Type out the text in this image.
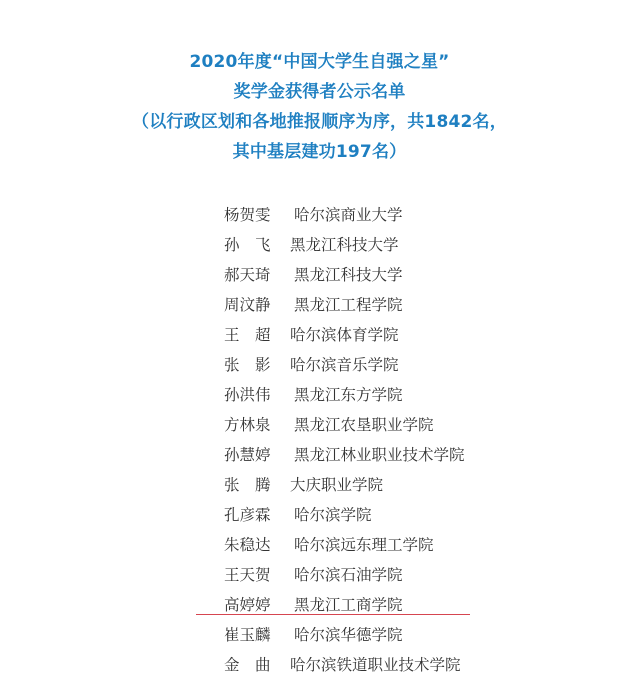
2020年度“中国大学生自强之星”
奖学金获得者公示名单
（以行政区划和各地推报顺序为序，共1842名，
其中基层建功197名）
杨贺雯 哈尔滨商业大学
孙　飞 黑龙江科技大学
郝天琦 黑龙江科技大学
周汶静 黑龙江工程学院
王　超 哈尔滨体育学院
张　影 哈尔滨音乐学院
孙洪伟 黑龙江东方学院
方林泉 黑龙江农垦职业学院
孙慧婷 黑龙江林业职业技术学院
张　腾 大庆职业学院
孔彦霖 哈尔滨学院
朱稳达 哈尔滨远东理工学院
王天贺 哈尔滨石油学院
高婷婷 黑龙江工商学院
崔玉麟 哈尔滨华德学院
金　曲 哈尔滨铁道职业技术学院
